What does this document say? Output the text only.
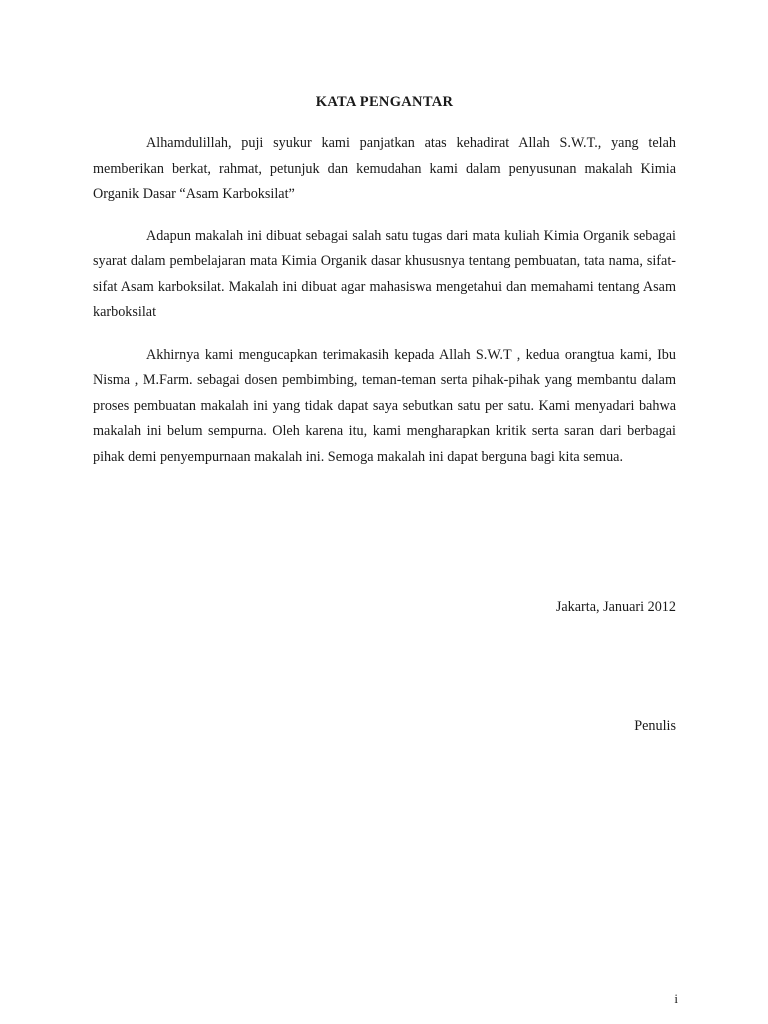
KATA PENGANTAR

Alhamdulillah, puji syukur kami panjatkan atas kehadirat Allah S.W.T., yang telah memberikan berkat, rahmat, petunjuk dan kemudahan kami dalam penyusunan makalah Kimia Organik Dasar “Asam Karboksilat”

Adapun makalah ini dibuat sebagai salah satu tugas dari mata kuliah Kimia Organik sebagai syarat dalam pembelajaran mata Kimia Organik dasar khususnya tentang pembuatan, tata nama, sifat-sifat Asam karboksilat. Makalah ini dibuat agar mahasiswa mengetahui dan memahami tentang Asam karboksilat

Akhirnya kami mengucapkan terimakasih kepada Allah S.W.T , kedua orangtua kami, Ibu Nisma , M.Farm. sebagai dosen pembimbing, teman-teman serta pihak-pihak yang membantu dalam proses pembuatan makalah ini yang tidak dapat saya sebutkan satu per satu. Kami menyadari bahwa makalah ini belum sempurna. Oleh karena itu, kami mengharapkan kritik serta saran dari berbagai pihak demi penyempurnaan makalah ini. Semoga makalah ini dapat berguna bagi kita semua.

Jakarta, Januari 2012

Penulis

i
